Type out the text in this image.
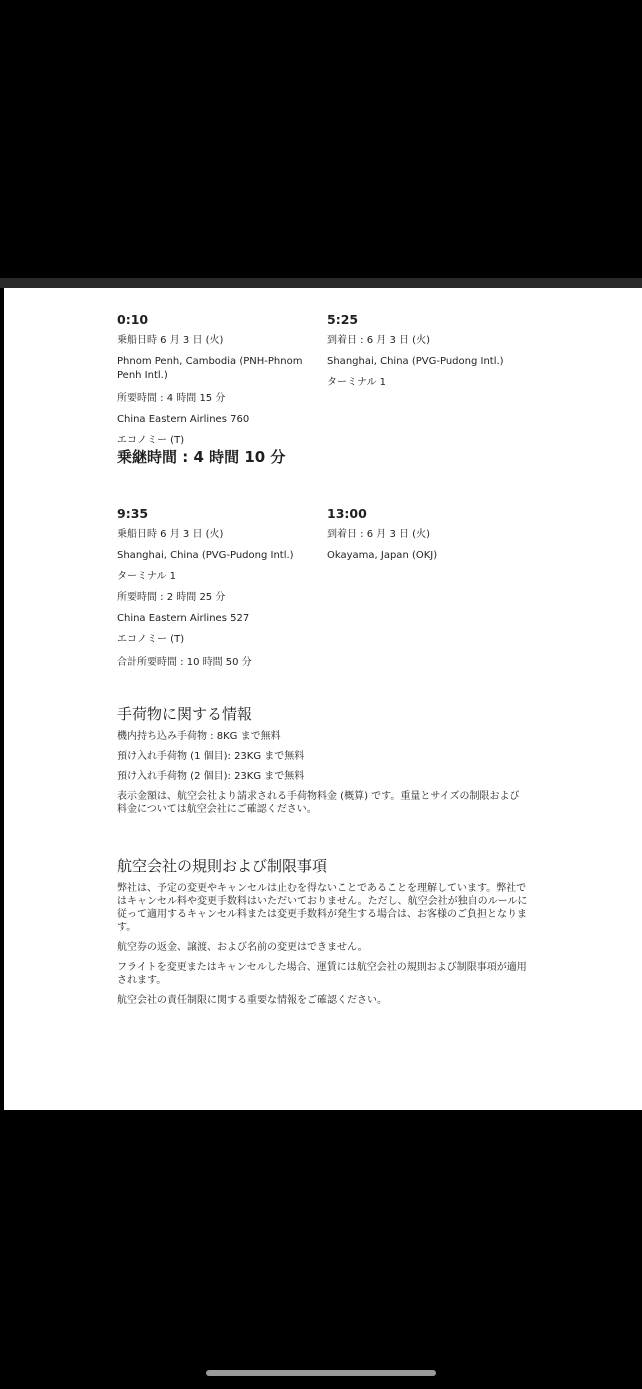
0:10
乗船日時 6 月 3 日 (火)
Phnom Penh, Cambodia (PNH-Phnom Penh Intl.)
所要時間 : 4 時間 15 分
China Eastern Airlines 760
エコノミー (T)
乗継時間 : 4 時間 10 分
5:25
到着日 : 6 月 3 日 (火)
Shanghai, China (PVG-Pudong Intl.)
ターミナル 1
9:35
乗船日時 6 月 3 日 (火)
Shanghai, China (PVG-Pudong Intl.)
ターミナル 1
所要時間 : 2 時間 25 分
China Eastern Airlines 527
エコノミー (T)
合計所要時間 : 10 時間 50 分
13:00
到着日 : 6 月 3 日 (火)
Okayama, Japan (OKJ)
手荷物に関する情報
機内持ち込み手荷物 : 8KG まで無料
預け入れ手荷物 (1 個目): 23KG まで無料
預け入れ手荷物 (2 個目): 23KG まで無料
表示金額は、航空会社より請求される手荷物料金 (概算) です。重量とサイズの制限および料金については航空会社にご確認ください。
航空会社の規則および制限事項
弊社は、予定の変更やキャンセルは止むを得ないことであることを理解しています。弊社ではキャンセル料や変更手数料はいただいておりません。ただし、航空会社が独自のルールに従って適用するキャンセル料または変更手数料が発生する場合は、お客様のご負担となります。
航空券の返金、譲渡、および名前の変更はできません。
フライトを変更またはキャンセルした場合、運賃には航空会社の規則および制限事項が適用されます。
航空会社の責任制限に関する重要な情報をご確認ください。
